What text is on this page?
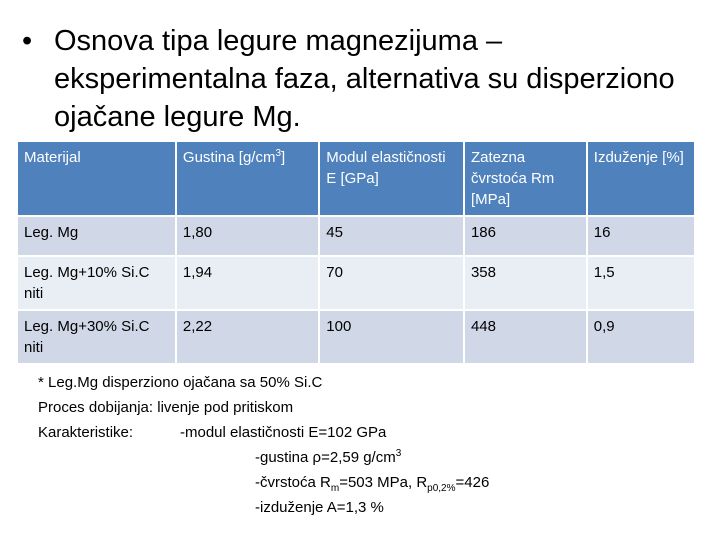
• Osnova tipa legure magnezijuma – eksperimentalna faza, alternativa su disperziono ojačane legure Mg.
Materijal	Gustina $[g/cm^3]$	Modul elastičnosti E [GPa]	Zatezna čvrstoća Rm [MPa]	Izduženje [%]
Leg. Mg	1,80	45	186	16
Leg. Mg+10% Si.C niti	1,94	70	358	1,5
Leg. Mg+30% Si.C niti	2,22	100	448	0,9
* Leg.Mg disperziono ojačana sa 50% Si.C
Proces dobijanja: livenje pod pritiskom
Karakteristike:	-modul elastičnosti E=102 GPa
-gustina ρ=2,59 $g/cm^3$
-čvrstoća $R_m=503$ MPa, $R_{p0,2\%}=426$
-izduženje A=1,3 %
